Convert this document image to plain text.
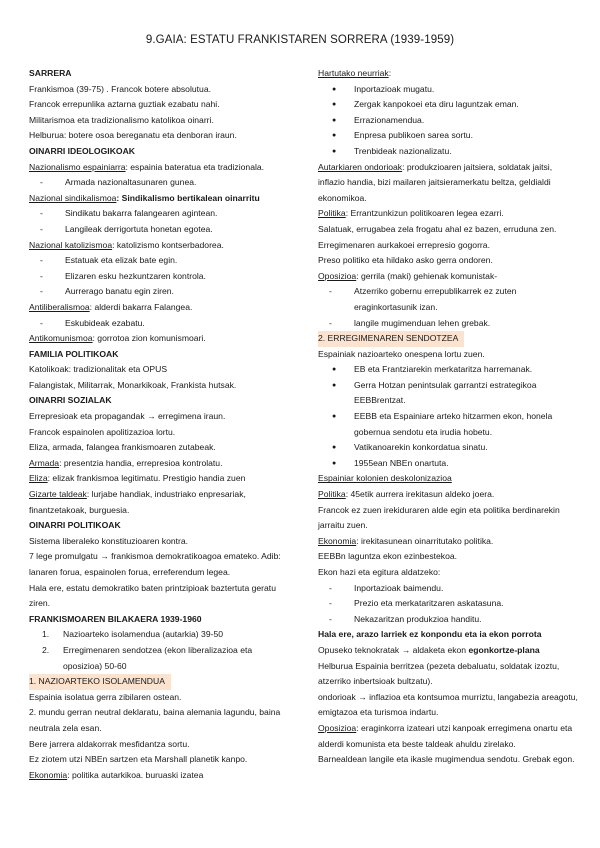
9.GAIA: ESTATU FRANKISTAREN SORRERA (1939-1959)
SARRERA
Frankismoa (39-75) . Francok botere absolutua.
Francok errepunlika aztarna guztiak ezabatu nahi.
Militarismoa eta tradizionalismo katolikoa oinarri.
Helburua: botere osoa bereganatu eta denboran iraun.
OINARRI IDEOLOGIKOAK
Nazionalismo espainiarra: espainia bateratua eta tradizionala.
- Armada nazionaltasunaren gunea.
Nazional sindikalismoa: Sindikalismo bertikalean oinarritu
- Sindikatu bakarra falangearen agintean.
- Langileak derrigortuta honetan egotea.
Nazional katolizismoa: katolizismo kontserbadorea.
- Estatuak eta elizak bate egin.
- Elizaren esku hezkuntzaren kontrola.
- Aurrerago banatu egin ziren.
Antiliberalismoa: alderdi bakarra Falangea.
- Eskubideak ezabatu.
Antikomunismoa: gorrotoa zion komunismoari.
FAMILIA POLITIKOAK
Katolikoak: tradizionalitak eta OPUS
Falangistak, Militarrak, Monarkikoak, Frankista hutsak.
OINARRI SOZIALAK
Errepresioak eta propagandak → erregimena iraun.
Francok espainolen apolitizazioa lortu.
Eliza, armada, falangea frankismoaren zutabeak.
Armada: presentzia handia, errepresioa kontrolatu.
Eliza: elizak frankismoa legitimatu. Prestigio handia zuen
Gizarte taldeak: lurjabe handiak, industriako enpresariak, finantzetakoak, burguesia.
OINARRI POLITIKOAK
Sistema liberaleko konstituzioaren kontra.
7 lege promulgatu → frankismoa demokratikoagoa emateko. Adib: lanaren forua, espainolen forua, erreferendum legea.
Hala ere, estatu demokratiko baten printzipioak baztertuta geratu ziren.
FRANKISMOAREN BILAKAERA 1939-1960
1. Nazioarteko isolamendua (autarkia) 39-50
2. Erregimenaren sendotzea (ekon liberalizazioa eta oposizioa) 50-60
1. NAZIOARTEKO ISOLAMENDUA
Espainia isolatua gerra zibilaren ostean.
2. mundu gerran neutral deklaratu, baina alemania lagundu, baina neutrala zela esan.
Bere jarrera aldakorrak mesfidantza sortu.
Ez ziotem utzi NBEn sartzen eta Marshall planetik kanpo.
Ekonomia: politika autarkikoa. buruaski izatea
Hartutako neurriak:
● Inportazioak mugatu.
● Zergak kanpokoei eta diru laguntzak eman.
● Errazionamendua.
● Enpresa publikoen sarea sortu.
● Trenbideak nazionalizatu.
Autarkiaren ondorioak: produkzioaren jaitsiera, soldatak jaitsi, inflazio handia, bizi mailaren jaitsieramerkatu beltza, geldialdi ekonomikoa.
Politika: Errantzunkizun politikoaren legea ezarri.
Salatuak, errugabea zela frogatu ahal ez bazen, erruduna zen.
Erregimenaren aurkakoei errepresio gogorra.
Preso politiko eta hildako asko gerra ondoren.
Oposizioa: gerrila (maki) gehienak komunistak-
- Atzerriko gobernu errepublikarrek ez zuten eraginkortasunik izan.
- langile mugimenduan lehen grebak.
2. ERREGIMENAREN SENDOTZEA
Espainiak nazioarteko onespena lortu zuen.
● EB eta Frantziarekin merkataritza harremanak.
● Gerra Hotzan penintsulak garrantzi estrategikoa EEBBrentzat.
● EEBB eta Espainiare arteko hitzarmen ekon, honela gobernua sendotu eta irudia hobetu.
● Vatikanoarekin konkordatua sinatu.
● 1955ean NBEn onartuta.
Espainiar kolonien deskolonizazioa
Politika: 45etik aurrera irekitasun aldeko joera.
Francok ez zuen irekiduraren alde egin eta politika berdinarekin jarraitu zuen.
Ekonomia: irekitasunean oinarritutako politika.
EEBBn laguntza ekon ezinbestekoa.
Ekon hazi eta egitura aldatzeko:
- Inportazioak baimendu.
- Prezio eta merkataritzaren askatasuna.
- Nekazaritzan produkzioa handitu.
Hala ere, arazo larriek ez konpondu eta ia ekon porrota
Opuseko teknokratak → aldaketa ekon egonkortze-plana
Helburua Espainia berritzea (pezeta debaluatu, soldatak izoztu, atzerriko inbertsioak bultzatu).
ondorioak → inflazioa eta kontsumoa murriztu, langabezia areagotu, emigtazoa eta turismoa indartu.
Oposizioa: eraginkorra izateari utzi kanpoak erregimena onartu eta alderdi komunista eta beste taldeak ahuldu zirelako.
Barnealdean langile eta ikasle mugimendua sendotu. Grebak egon.
